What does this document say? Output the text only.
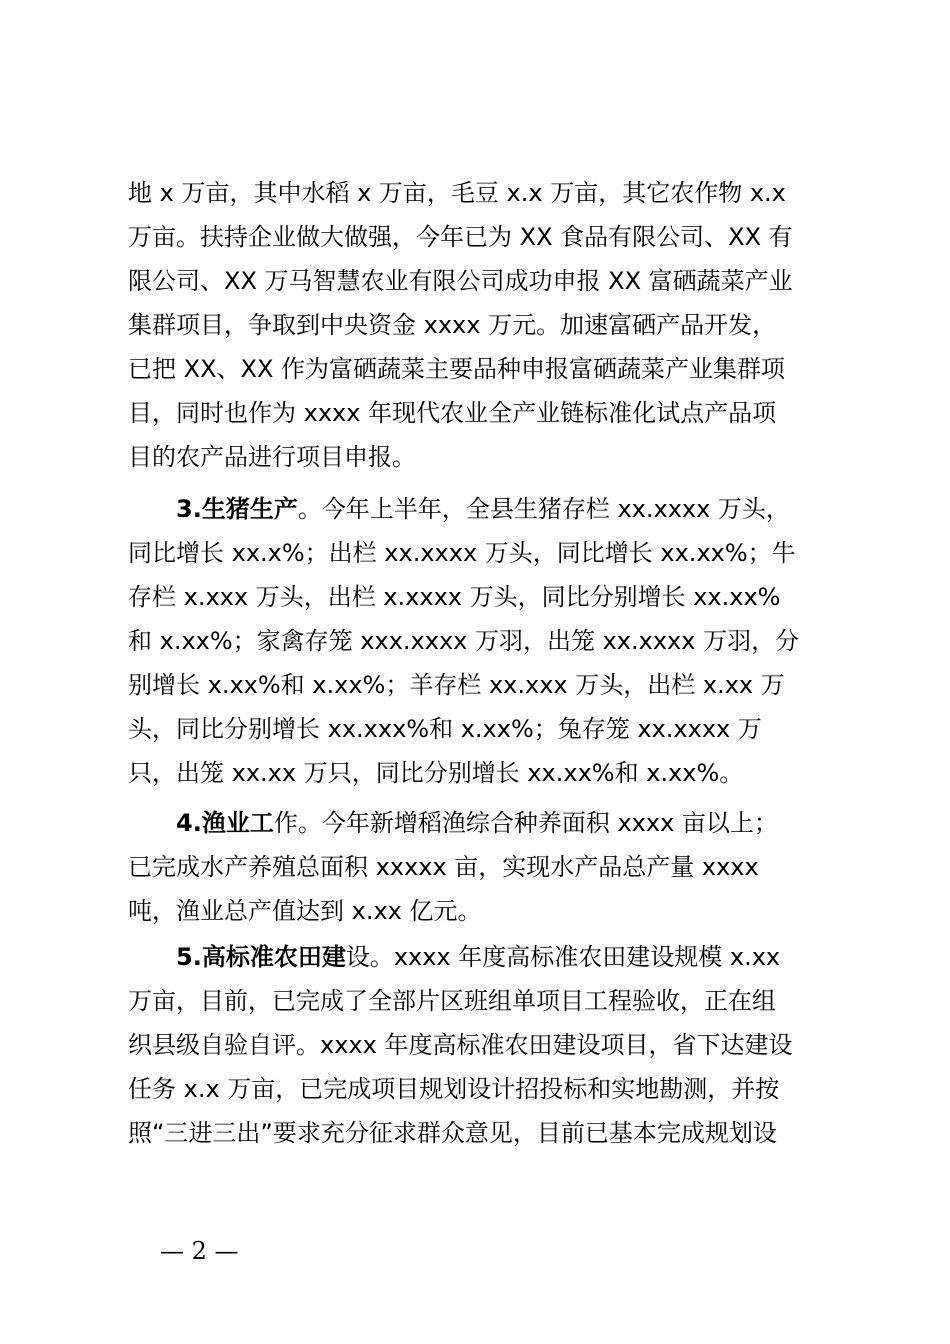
地 x 万亩，其中水稻 x 万亩，毛豆 x.x 万亩，其它农作物 x.x
万亩。扶持企业做大做强，今年已为 XX 食品有限公司、XX 有
限公司、XX 万马智慧农业有限公司成功申报 XX 富硒蔬菜产业
集群项目，争取到中央资金 xxxx 万元。加速富硒产品开发，
已把 XX、XX 作为富硒蔬菜主要品种申报富硒蔬菜产业集群项
目，同时也作为 xxxx 年现代农业全产业链标准化试点产品项
目的农产品进行项目申报。
3.生猪生产。今年上半年，全县生猪存栏 xx.xxxx 万头，
同比增长 xx.x%；出栏 xx.xxxx 万头，同比增长 xx.xx%；牛
存栏 x.xxx 万头，出栏 x.xxxx 万头，同比分别增长 xx.xx%
和 x.xx%；家禽存笼 xxx.xxxx 万羽，出笼 xx.xxxx 万羽，分
别增长 x.xx%和 x.xx%；羊存栏 xx.xxx 万头，出栏 x.xx 万
头，同比分别增长 xx.xxx%和 x.xx%；兔存笼 xx.xxxx 万
只，出笼 xx.xx 万只，同比分别增长 xx.xx%和 x.xx%。
4.渔业工作。今年新增稻渔综合种养面积 xxxx 亩以上；
已完成水产养殖总面积 xxxxx 亩，实现水产品总产量 xxxx
吨，渔业总产值达到 x.xx 亿元。
5.高标准农田建设。xxxx 年度高标准农田建设规模 x.xx
万亩，目前，已完成了全部片区班组单项目工程验收，正在组
织县级自验自评。xxxx 年度高标准农田建设项目，省下达建设
任务 x.x 万亩，已完成项目规划设计招投标和实地勘测，并按
照“三进三出”要求充分征求群众意见，目前已基本完成规划设
— 2 —
